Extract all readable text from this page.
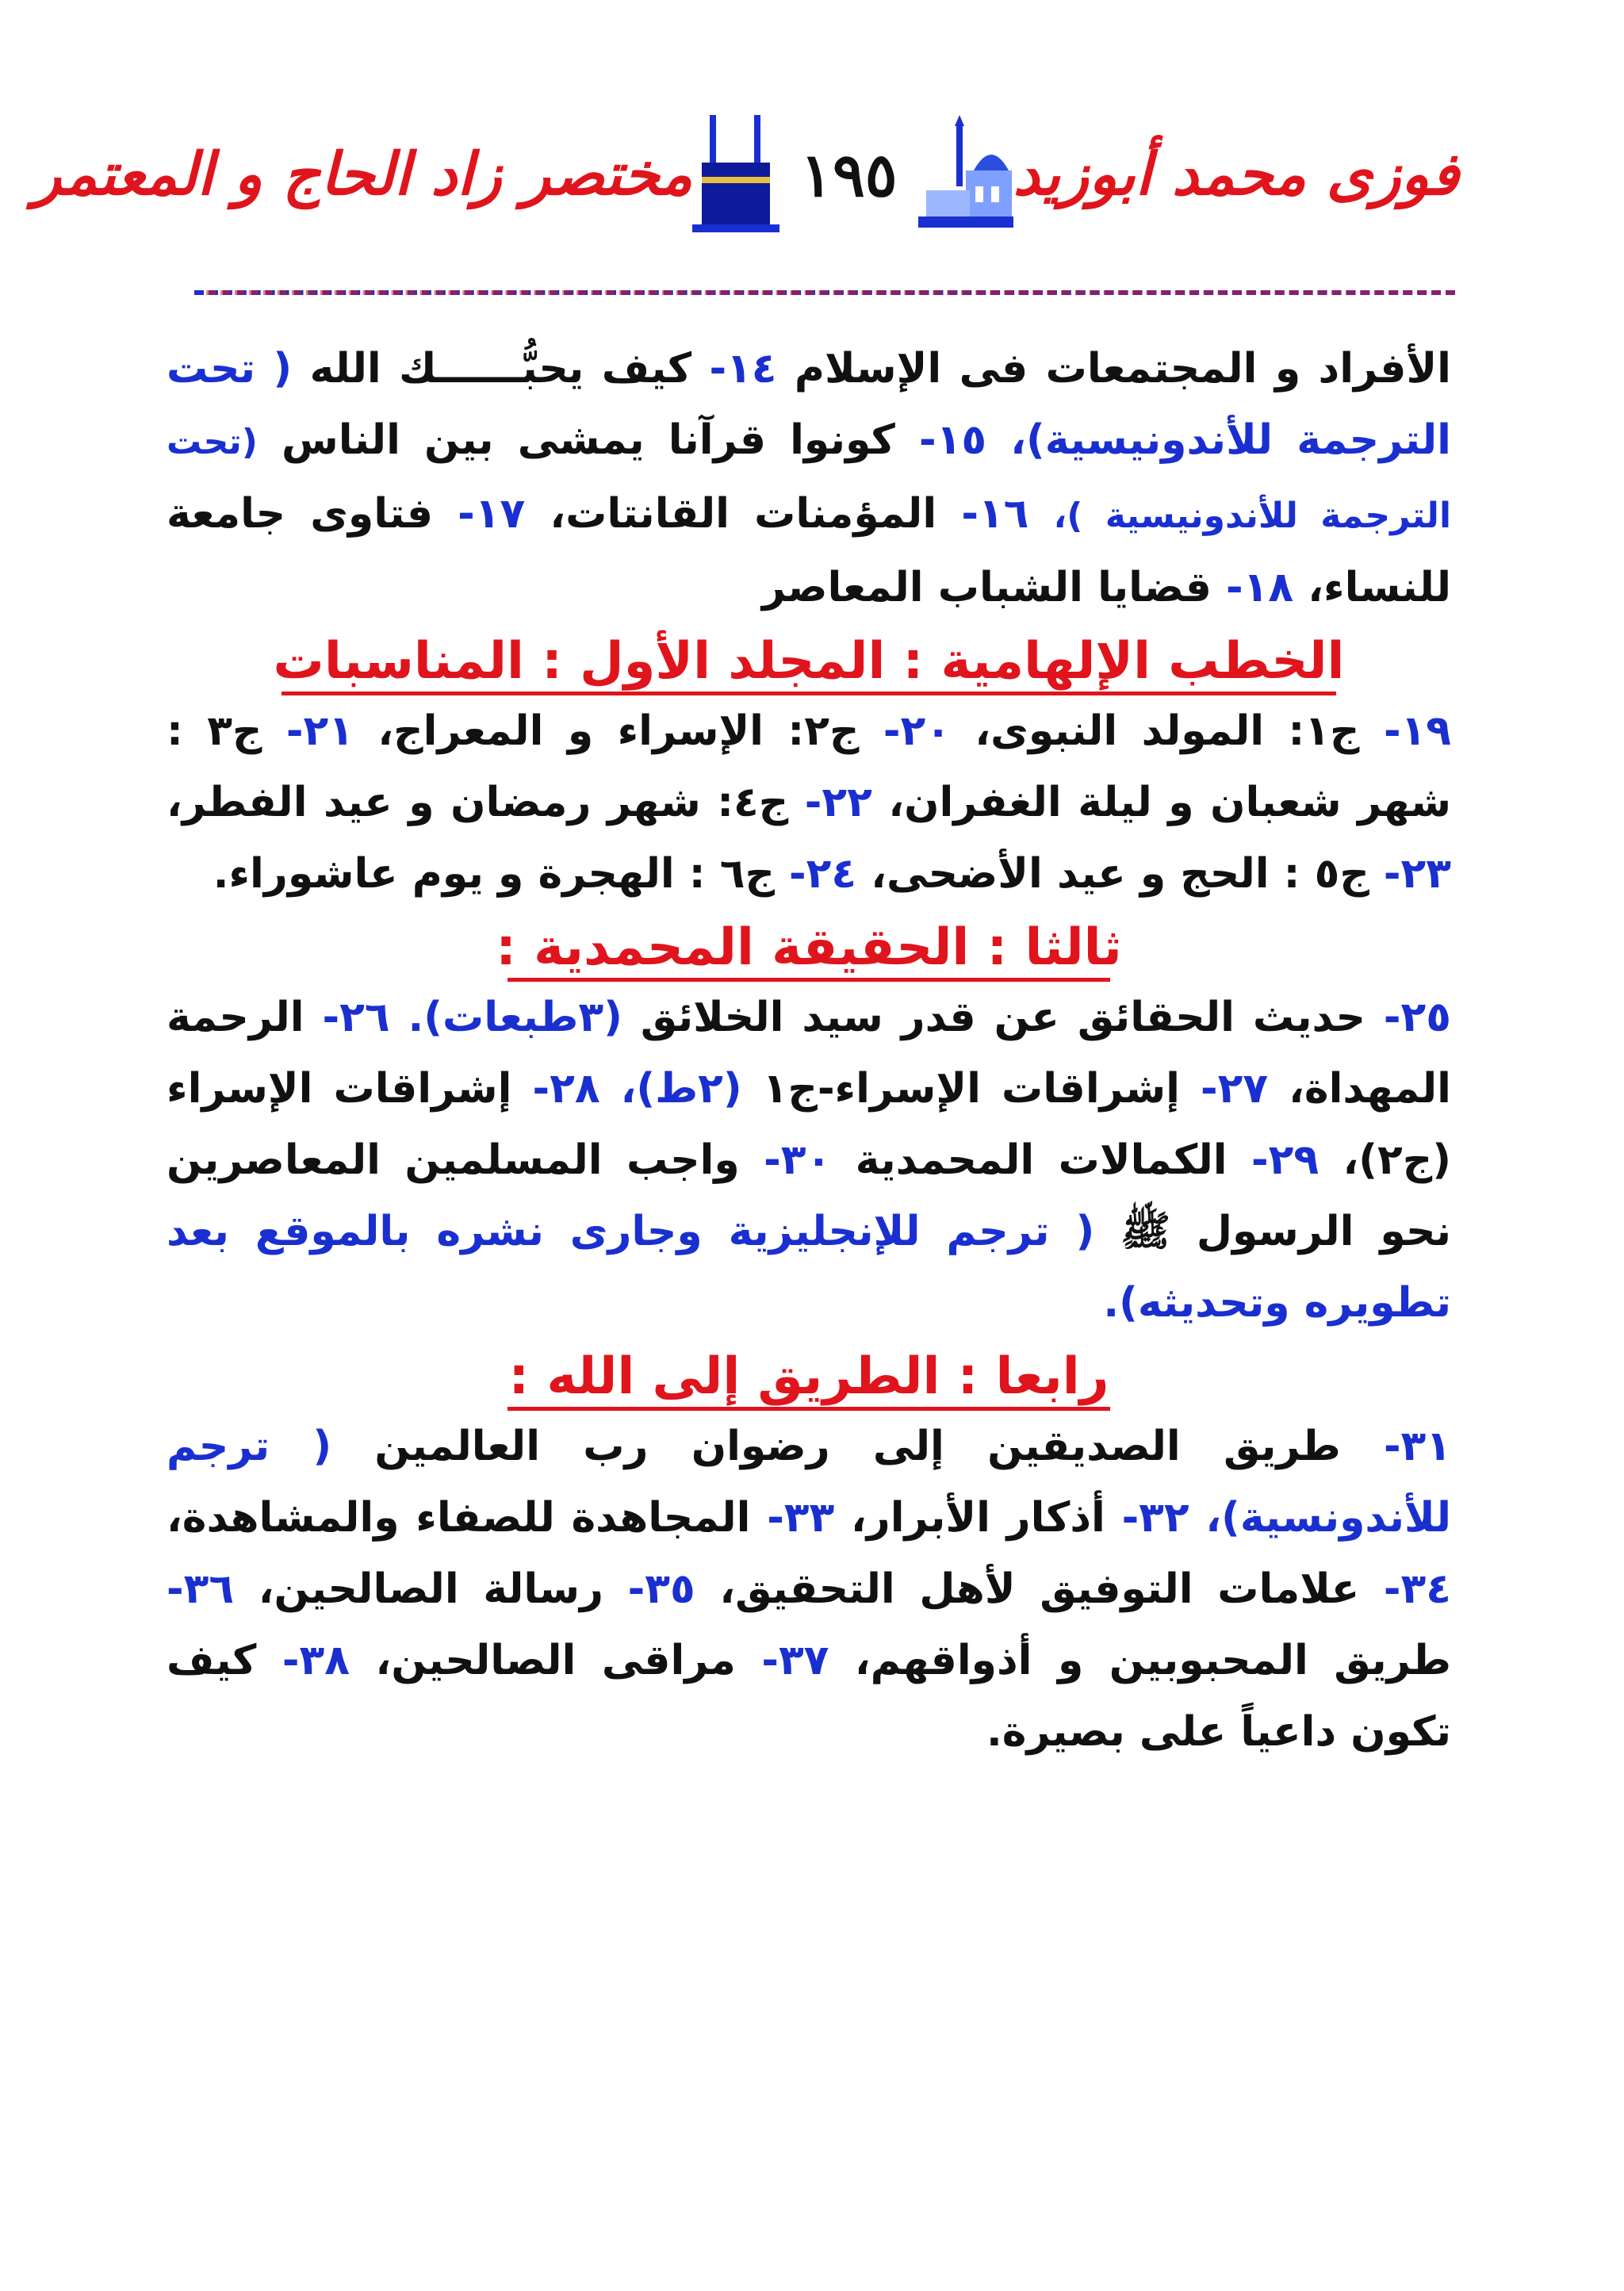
فوزى محمد أبوزيد
١٩٥
مختصر زاد الحاج و المعتمر

الأفراد و المجتمعات فى الإسلام ١٤- كيف يحبُّــــــك الله ( تحت الترجمة للأندونيسية)، ١٥- كونوا قرآنا يمشى بين الناس (تحت الترجمة للأندونيسية )، ١٦- المؤمنات القانتات، ١٧- فتاوى جامعة للنساء، ١٨- قضايا الشباب المعاصر

الخطب الإلهامية : المجلد الأول : المناسبات

١٩- ج١: المولد النبوى، ٢٠- ج٢: الإسراء و المعراج، ٢١- ج٣ : شهر شعبان و ليلة الغفران، ٢٢- ج٤: شهر رمضان و عيد الفطر، ٢٣- ج٥ : الحج و عيد الأضحى، ٢٤- ج٦ : الهجرة و يوم عاشوراء.

ثالثا : الحقيقة المحمدية :

٢٥- حديث الحقائق عن قدر سيد الخلائق (٣طبعات). ٢٦- الرحمة المهداة، ٢٧- إشراقات الإسراء-ج١ (٢ط)، ٢٨- إشراقات الإسراء (ج٢)، ٢٩- الكمالات المحمدية ٣٠- واجب المسلمين المعاصرين نحو الرسول ﷺ ( ترجم للإنجليزية وجارى نشره بالموقع بعد تطويره وتحديثه).

رابعا : الطريق إلى الله :

٣١- طريق الصديقين إلى رضوان رب العالمين ( ترجم للأندونسية)، ٣٢- أذكار الأبرار، ٣٣- المجاهدة للصفاء والمشاهدة، ٣٤- علامات التوفيق لأهل التحقيق، ٣٥- رسالة الصالحين، ٣٦- طريق المحبوبين و أذواقهم، ٣٧- مراقى الصالحين، ٣٨- كيف تكون داعياً على بصيرة.
